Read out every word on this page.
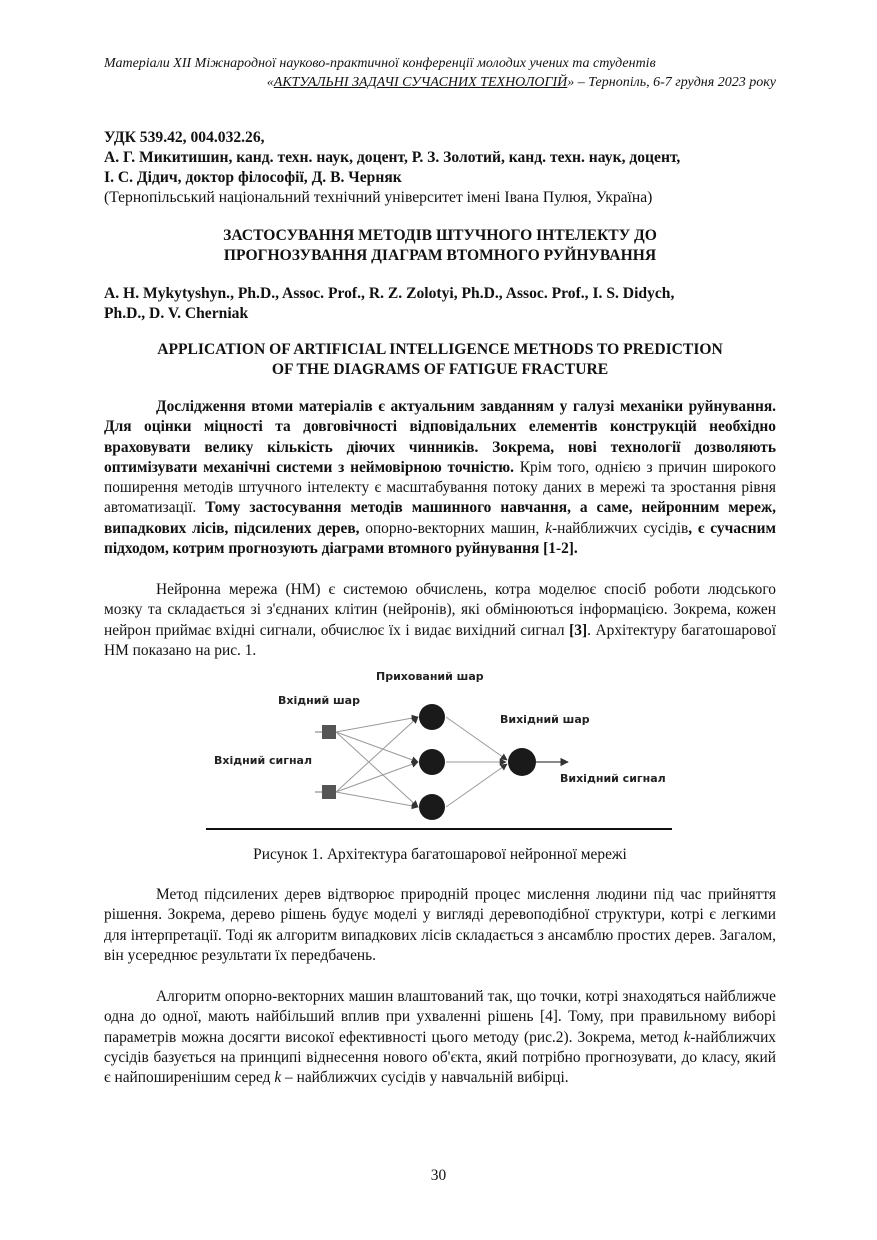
Матеріали XII Міжнародної науково-практичної конференції молодих учених та студентів
«АКТУАЛЬНІ ЗАДАЧІ СУЧАСНИХ ТЕХНОЛОГІЙ» – Тернопіль, 6-7 грудня 2023 року
УДК 539.42, 004.032.26,
А. Г. Микитишин, канд. техн. наук, доцент, Р. З. Золотий, канд. техн. наук, доцент,
І. С. Дідич, доктор філософії, Д. В. Черняк
(Тернопільський національний технічний університет імені Івана Пулюя, Україна)
ЗАСТОСУВАННЯ МЕТОДІВ ШТУЧНОГО ІНТЕЛЕКТУ ДО
ПРОГНОЗУВАННЯ ДІАГРАМ ВТОМНОГО РУЙНУВАННЯ
A. H. Mykytyshyn., Ph.D., Assoc. Prof., R. Z. Zolotyi, Ph.D., Assoc. Prof., I. S. Didych,
Ph.D., D. V. Cherniak
APPLICATION OF ARTIFICIAL INTELLIGENCE METHODS TO PREDICTION
OF THE DIAGRAMS OF FATIGUE FRACTURE
Дослідження втоми матеріалів є актуальним завданням у галузі механіки руйнування. Для оцінки міцності та довговічності відповідальних елементів конструкцій необхідно враховувати велику кількість діючих чинників. Зокрема, нові технології дозволяють оптимізувати механічні системи з неймовірною точністю. Крім того, однією з причин широкого поширення методів штучного інтелекту є масштабування потоку даних в мережі та зростання рівня автоматизації. Тому застосування методів машинного навчання, а саме, нейронним мереж, випадкових лісів, підсилених дерев, опорно-векторних машин, k-найближчих сусідів, є сучасним підходом, котрим прогнозують діаграми втомного руйнування [1-2].
Нейронна мережа (НМ) є системою обчислень, котра моделює спосіб роботи людського мозку та складається зі з'єднаних клітин (нейронів), які обмінюються інформацією. Зокрема, кожен нейрон приймає вхідні сигнали, обчислює їх і видає вихідний сигнал [3]. Архітектуру багатошарової НМ показано на рис. 1.
Прихований шар
Вхідний шар
Вихідний шар
Вхідний сигнал
Вихідний сигнал
Рисунок 1. Архітектура багатошарової нейронної мережі
Метод підсилених дерев відтворює природній процес мислення людини під час прийняття рішення. Зокрема, дерево рішень будує моделі у вигляді деревоподібної структури, котрі є легкими для інтерпретації. Тоді як алгоритм випадкових лісів складається з ансамблю простих дерев. Загалом, він усереднює результати їх передбачень.
Алгоритм опорно-векторних машин влаштований так, що точки, котрі знаходяться найближче одна до одної, мають найбільший вплив при ухваленні рішень [4]. Тому, при правильному виборі параметрів можна досягти високої ефективності цього методу (рис.2). Зокрема, метод k-найближчих сусідів базується на принципі віднесення нового об'єкта, який потрібно прогнозувати, до класу, який є найпоширенішим серед k – найближчих сусідів у навчальній вибірці.
30
